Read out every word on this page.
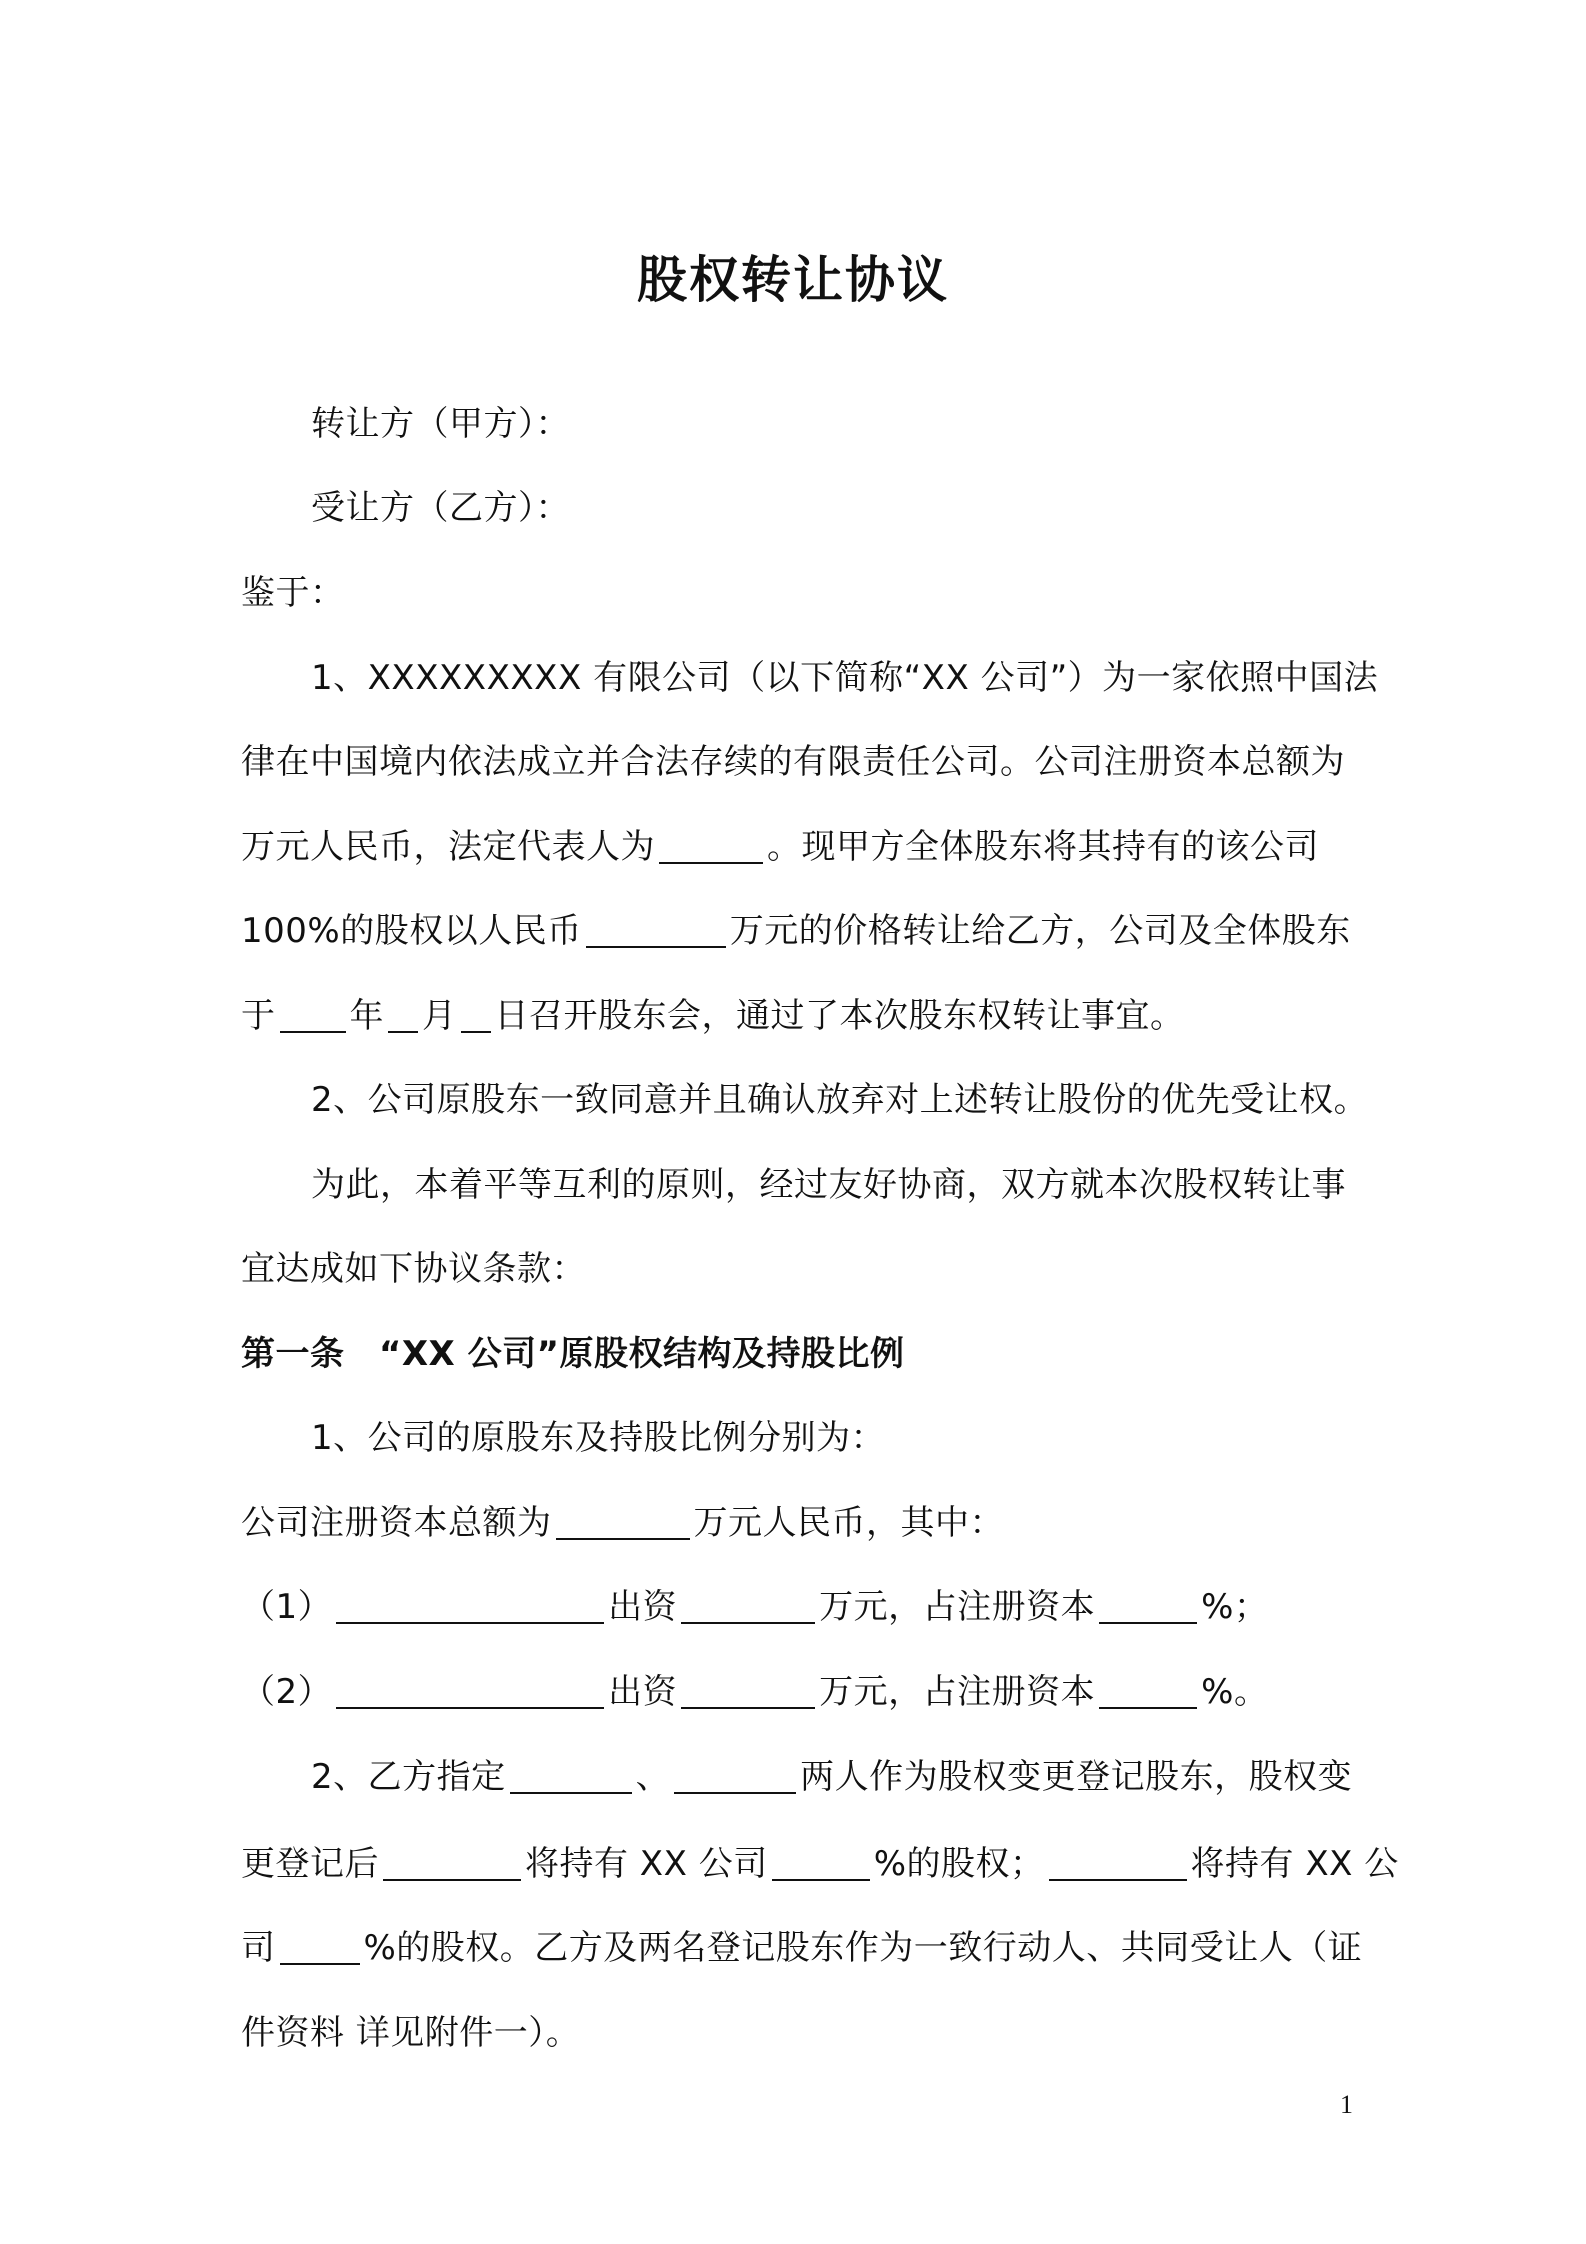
股权转让协议
转让方（甲方）：
受让方（乙方）：
鉴于：
1、XXXXXXXXX 有限公司（以下简称“XX 公司”）为一家依照中国法
律在中国境内依法成立并合法存续的有限责任公司。公司注册资本总额为
万元人民币，法定代表人为	。现甲方全体股东将其持有的该公司
100%的股权以人民币	万元的价格转让给乙方，公司及全体股东
于 年 月 日召开股东会，通过了本次股东权转让事宜。
2、公司原股东一致同意并且确认放弃对上述转让股份的优先受让权。
为此，本着平等互利的原则，经过友好协商，双方就本次股权转让事
宜达成如下协议条款：
第一条　“XX 公司”原股权结构及持股比例
1、公司的原股东及持股比例分别为：
公司注册资本总额为	万元人民币，其中：
（1）	出资	万元，占注册资本	%；
（2）	出资	万元，占注册资本	%。
2、乙方指定	、	两人作为股权变更登记股东，股权变
更登记后	将持有 XX 公司	%的股权；	将持有 XX 公
司	%的股权。乙方及两名登记股东作为一致行动人、共同受让人（证
件资料 详见附件一）。
1
